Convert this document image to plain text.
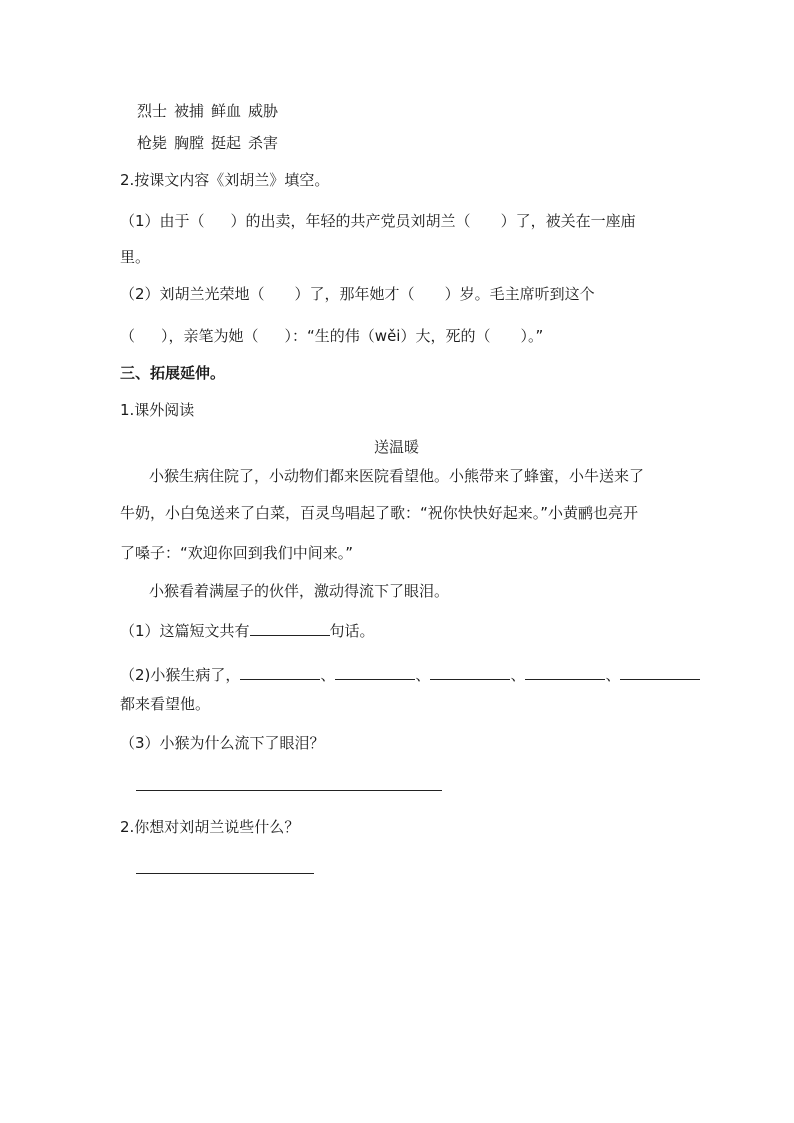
烈士 被捕 鲜血 威胁
枪毙 胸膛 挺起 杀害
2.按课文内容《刘胡兰》填空。
（1）由于（ ）的出卖，年轻的共产党员刘胡兰（ ）了，被关在一座庙
里。
（2）刘胡兰光荣地（ ）了，那年她才（ ）岁。毛主席听到这个
（ ），亲笔为她（ ）：“生的伟（wěi）大，死的（ ）。”
三、拓展延伸。
1.课外阅读
送温暖
小猴生病住院了，小动物们都来医院看望他。小熊带来了蜂蜜，小牛送来了
牛奶，小白兔送来了白菜，百灵鸟唱起了歌：“祝你快快好起来。”小黄鹂也亮开
了嗓子：“欢迎你回到我们中间来。”
小猴看着满屋子的伙伴，激动得流下了眼泪。
（1）这篇短文共有	句话。
（2)小猴生病了，	、	、	、	、
都来看望他。
（3）小猴为什么流下了眼泪？
2.你想对刘胡兰说些什么？
